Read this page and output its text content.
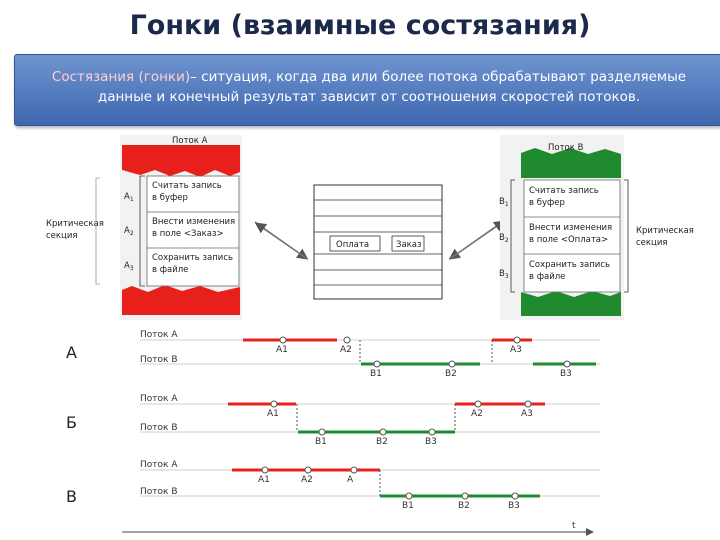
Гонки (взаимные состязания)
Состязания (гонки)– ситуация, когда два или более потока обрабатывают разделяемые данные и конечный результат зависит от соотношения скоростей потоков.
Поток А
Считать запись
в буфер
Внести изменения
в поле <Заказ>
Сохранить запись
в файле
$A_1$
$A_2$
$A_3$
Критическая
секция
Оплата	Заказ
Поток В
Считать запись
в буфер
Внести изменения
в поле <Оплата>
Сохранить запись
в файле
$B_1$
$B_2$
$B_3$
Критическая
секция
Поток А
Поток В
A1	A2	A3
B1	B2	B3
Поток А
Поток В
A1	A2	A3
B1	B2	B3
Поток А
Поток В
A1	A2	A
B1	B2	B3
t
А
Б
В
